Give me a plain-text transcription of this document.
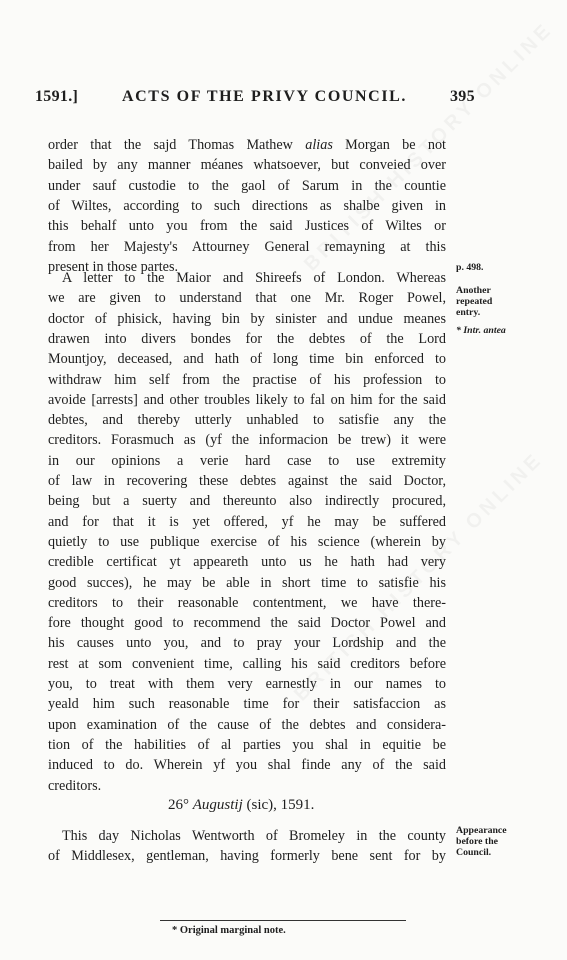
1591.]	ACTS OF THE PRIVY COUNCIL.	395
order that the sajd Thomas Mathew alias Morgan be not
bailed by any manner méanes whatsoever, but conveied over
under sauf custodie to the gaol of Sarum in the countie
of Wiltes, according to such directions as shalbe given in
this behalf unto you from the said Justices of Wiltes or
from her Majesty's Attourney General remayning at this
present in those partes.
A letter to the Maior and Shireefs of London. Whereas
we are given to understand that one Mr. Roger Powel,
doctor of phisick, having bin by sinister and undue meanes
drawen into divers bondes for the debtes of the Lord
Mountjoy, deceased, and hath of long time bin enforced to
withdraw him self from the practise of his profession to
avoide [arrests] and other troubles likely to fal on him for the said
debtes, and thereby utterly unhabled to satisfie any the
creditors. Forasmuch as (yf the informacion be trew) it were
in our opinions a verie hard case to use extremity
of law in recovering these debtes against the said Doctor,
being but a suerty and thereunto also indirectly procured,
and for that it is yet offered, yf he may be suffered
quietly to use publique exercise of his science (wherein by
credible certificat yt appeareth unto us he hath had very
good succes), he may be able in short time to satisfie his
creditors to their reasonable contentment, we have there-
fore thought good to recommend the said Doctor Powel and
his causes unto you, and to pray your Lordship and the
rest at som convenient time, calling his said creditors before
you, to treat with them very earnestly in our names to
yeald him such reasonable time for their satisfaccion as
upon examination of the cause of the debtes and considera-
tion of the habilities of al parties you shal in equitie be
induced to do. Wherein yf you shal finde any of the said
creditors.
This day Nicholas Wentworth of Bromeley in the county
of Middlesex, gentleman, having formerly bene sent for by
26° Augustij (sic), 1591.
p. 498.
Another
repeated
entry.
* Intr. antea
Appearance
before the
Council.
* Original marginal note.
